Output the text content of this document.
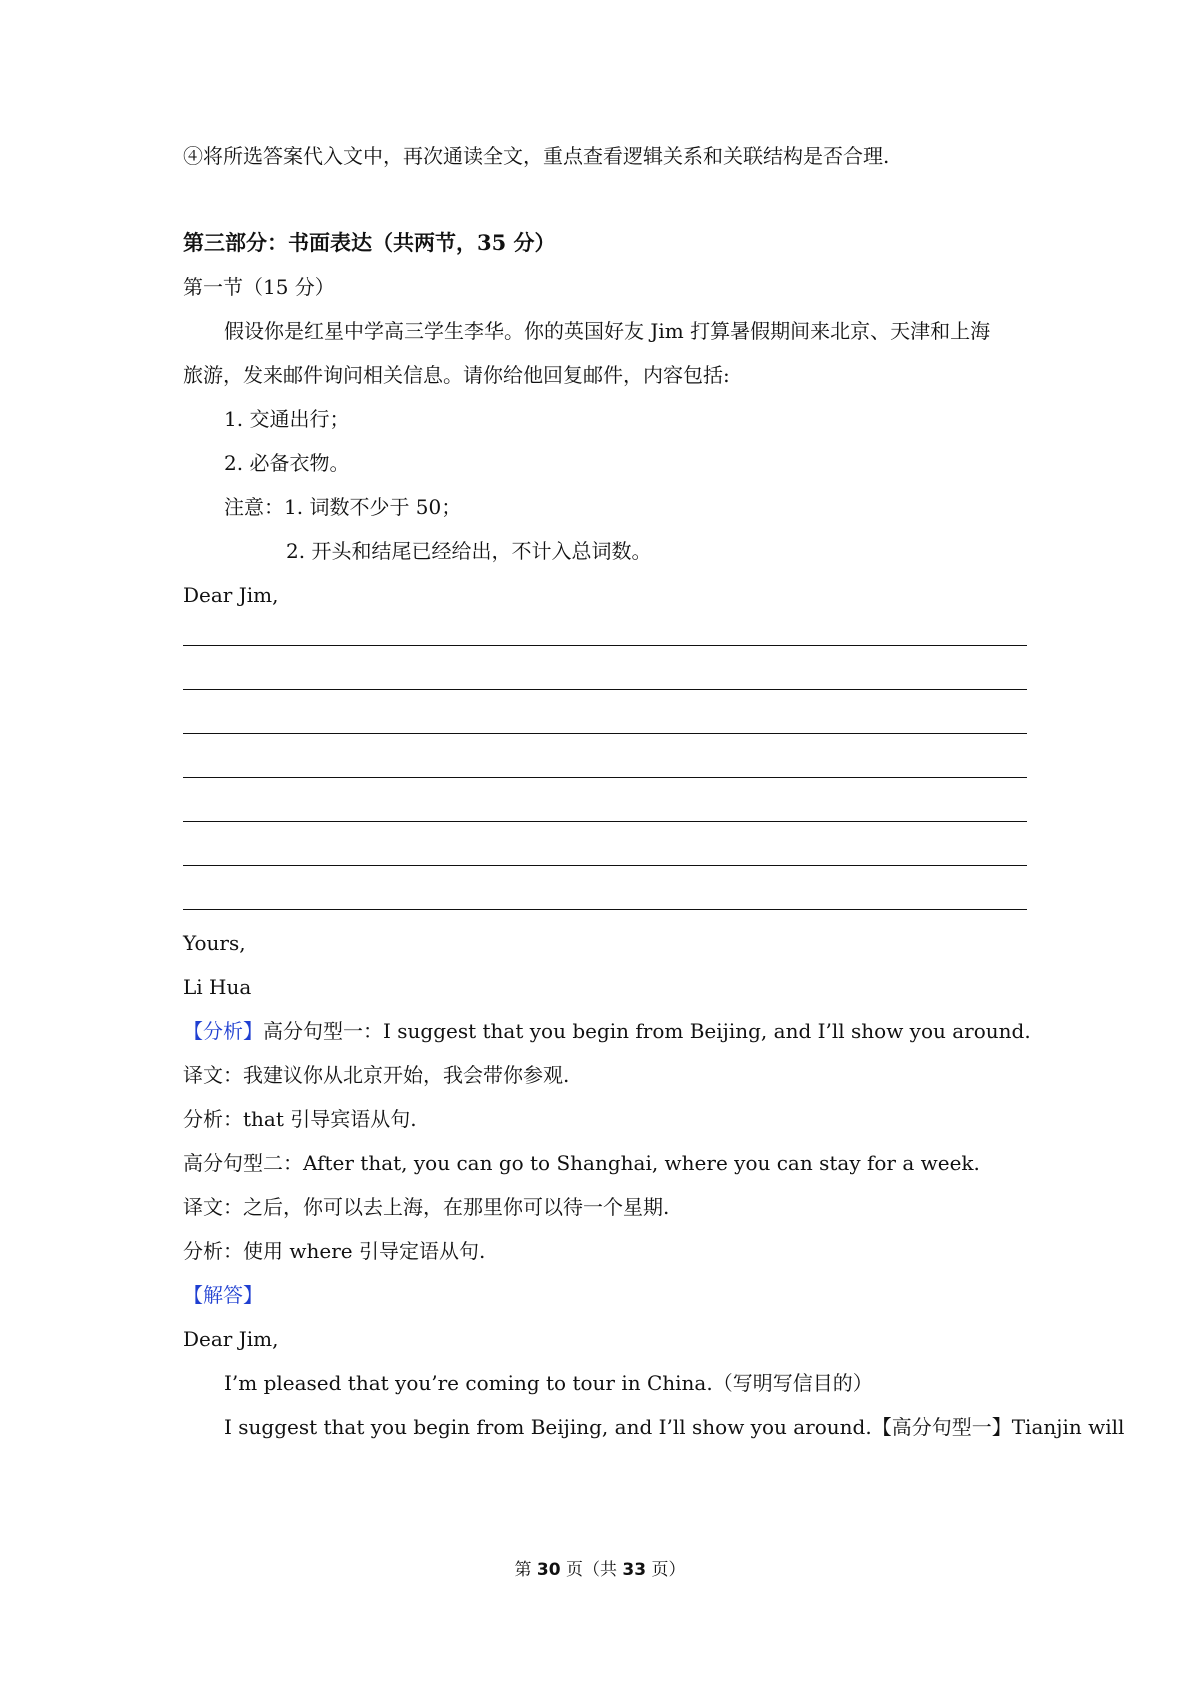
④将所选答案代入文中，再次通读全文，重点查看逻辑关系和关联结构是否合理.
第三部分：书面表达（共两节，35 分）
第一节（15 分）
假设你是红星中学高三学生李华。你的英国好友 Jim 打算暑假期间来北京、天津和上海
旅游，发来邮件询问相关信息。请你给他回复邮件，内容包括:
1. 交通出行；
2. 必备衣物。
注意：1. 词数不少于 50；
2. 开头和结尾已经给出，不计入总词数。
Dear Jim,
Yours,
Li Hua
【分析】高分句型一：I suggest that you begin from Beijing, and I’ll show you around.
译文：我建议你从北京开始，我会带你参观.
分析：that 引导宾语从句.
高分句型二：After that, you can go to Shanghai, where you can stay for a week.
译文：之后，你可以去上海，在那里你可以待一个星期.
分析：使用 where 引导定语从句.
【解答】
Dear Jim,
I’m pleased that you’re coming to tour in China.（写明写信目的）
I suggest that you begin from Beijing, and I’ll show you around.【高分句型一】Tianjin will
第 30 页（共 33 页）
